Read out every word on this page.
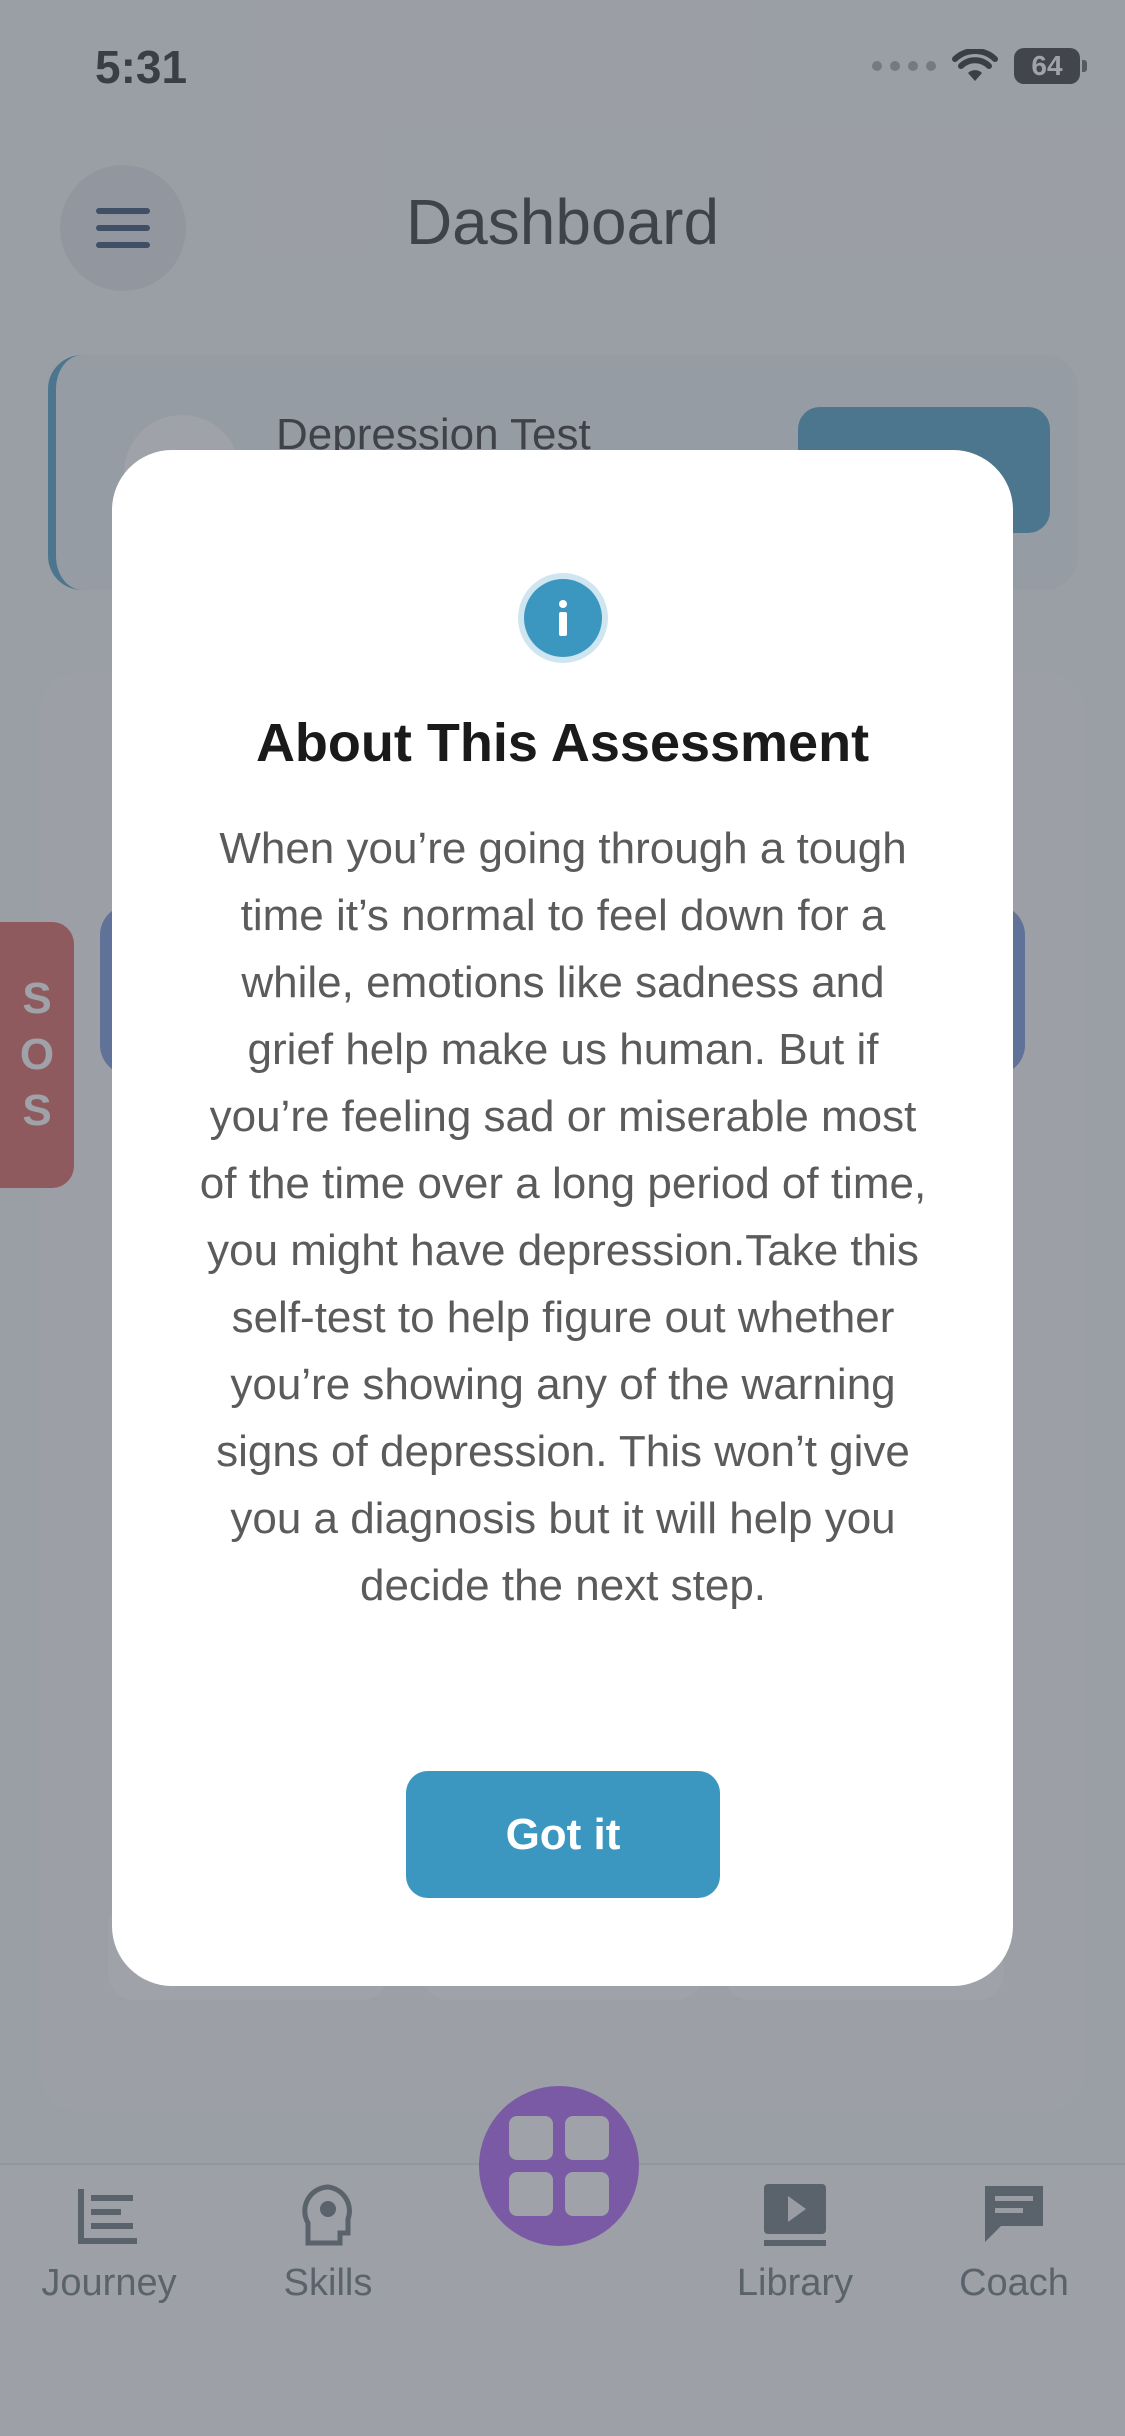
About This Assessment
When you’re going through a tough time it’s normal to feel down for a while, emotions like sadness and grief help make us human. But if you’re feeling sad or miserable most of the time over a long period of time, you might have depression.Take this self-test to help figure out whether you’re showing any of the warning signs of depression. This won’t give you a diagnosis but it will help you decide the next step.
Got it
